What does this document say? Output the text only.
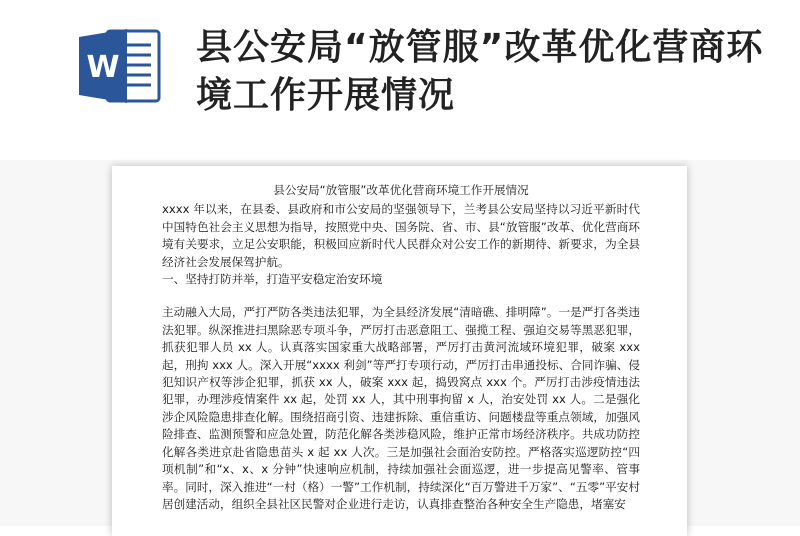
W 县公安局“放管服”改革优化营商环境工作开展情况

县公安局“放管服”改革优化营商环境工作开展情况

xxxx 年以来，在县委、县政府和市公安局的坚强领导下，兰考县公安局坚持以习近平新时代中国特色社会主义思想为指导，按照党中央、国务院、省、市、县“放管服”改革、优化营商环境有关要求，立足公安职能，积极回应新时代人民群众对公安工作的新期待、新要求，为全县经济社会发展保驾护航。

一、坚持打防并举，打造平安稳定治安环境

主动融入大局，严打严防各类违法犯罪，为全县经济发展“清暗礁、排明障”。一是严打各类违法犯罪。纵深推进扫黑除恶专项斗争，严厉打击恶意阻工、强揽工程、强迫交易等黑恶犯罪，抓获犯罪人员 xx 人。认真落实国家重大战略部署，严厉打击黄河流域环境犯罪，破案 xxx 起，刑拘 xxx 人。深入开展“xxxx 利剑”等严打专项行动，严厉打击串通投标、合同诈骗、侵犯知识产权等涉企犯罪，抓获 xx 人，破案 xxx 起，捣毁窝点 xxx 个。严厉打击涉疫情违法犯罪，办理涉疫情案件 xx 起，处罚 xx 人，其中刑事拘留 x 人，治安处罚 xx 人。二是强化涉企风险隐患排查化解。围绕招商引资、违建拆除、重信重访、问题楼盘等重点领域，加强风险排查、监测预警和应急处置，防范化解各类涉稳风险，维护正常市场经济秩序。共成功防控化解各类进京赴省隐患苗头 x 起 xx 人次。三是加强社会面治安防控。严格落实巡逻防控“四项机制”和“x、x、x 分钟”快速响应机制，持续加强社会面巡逻，进一步提高见警率、管事率。同时，深入推进“一村（格）一警”工作机制，持续深化“百万警进千万家”、“五零”平安村居创建活动，组织全县社区民警对企业进行走访，认真排查整治各种安全生产隐患，堵塞安
